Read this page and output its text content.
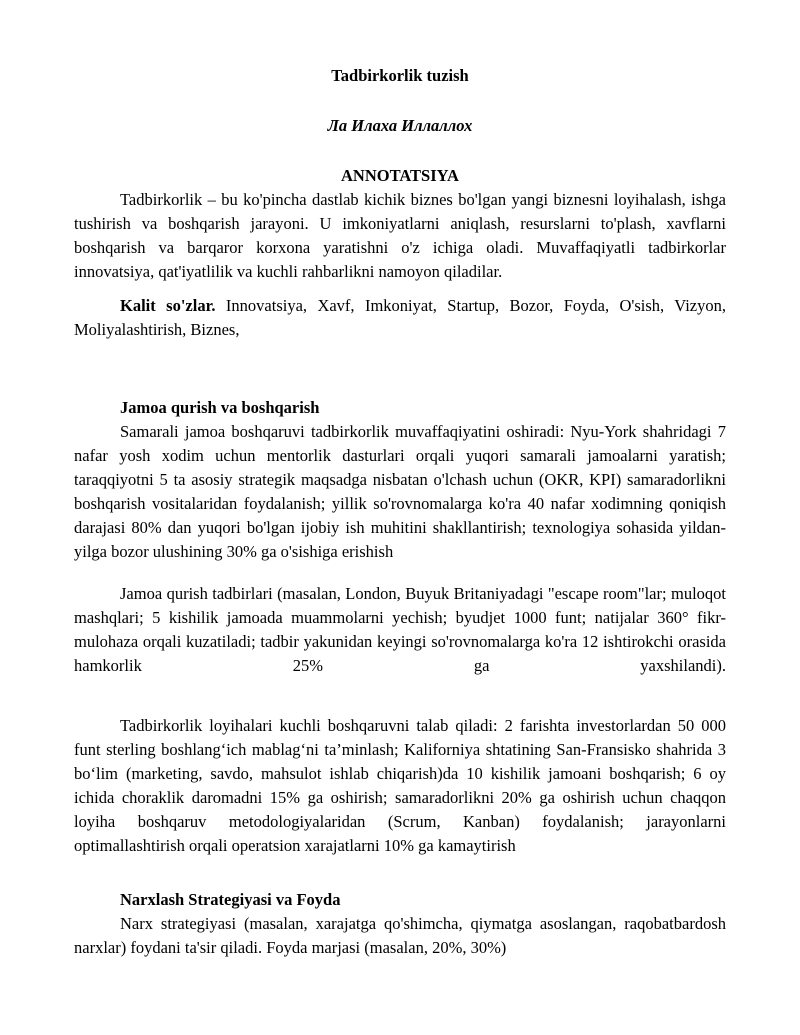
Tadbirkorlik tuzish
Ла Илаха Иллаллох
ANNOTATSIYA

Tadbirkorlik – bu ko'pincha dastlab kichik biznes bo'lgan yangi biznesni loyihalash, ishga tushirish va boshqarish jarayoni. U imkoniyatlarni aniqlash, resurslarni to'plash, xavflarni boshqarish va barqaror korxona yaratishni o'z ichiga oladi. Muvaffaqiyatli tadbirkorlar innovatsiya, qat'iyatlilik va kuchli rahbarlikni namoyon qiladilar.

Kalit so'zlar. Innovatsiya, Xavf, Imkoniyat, Startup, Bozor, Foyda, O'sish, Vizyon, Moliyalashtirish, Biznes,

Jamoa qurish va boshqarish

Samarali jamoa boshqaruvi tadbirkorlik muvaffaqiyatini oshiradi: Nyu-York shahridagi 7 nafar yosh xodim uchun mentorlik dasturlari orqali yuqori samarali jamoalarni yaratish; taraqqiyotni 5 ta asosiy strategik maqsadga nisbatan o'lchash uchun (OKR, KPI) samaradorlikni boshqarish vositalaridan foydalanish; yillik so'rovnomalarga ko'ra 40 nafar xodimning qoniqish darajasi 80% dan yuqori bo'lgan ijobiy ish muhitini shakllantirish; texnologiya sohasida yildan-yilga bozor ulushining 30% ga o'sishiga erishish

Jamoa qurish tadbirlari (masalan, London, Buyuk Britaniyadagi "escape room"lar; muloqot mashqlari; 5 kishilik jamoada muammolarni yechish; byudjet 1000 funt; natijalar 360° fikr-mulohaza orqali kuzatiladi; tadbir yakunidan keyingi so'rovnomalarga ko'ra 12 ishtirokchi orasida hamkorlik 25% ga yaxshilandi).

Tadbirkorlik loyihalari kuchli boshqaruvni talab qiladi: 2 farishta investorlardan 50 000 funt sterling boshlang‘ich mablag‘ni ta’minlash; Kaliforniya shtatining San-Fransisko shahrida 3 bo‘lim (marketing, savdo, mahsulot ishlab chiqarish)da 10 kishilik jamoani boshqarish; 6 oy ichida choraklik daromadni 15% ga oshirish; samaradorlikni 20% ga oshirish uchun chaqqon loyiha boshqaruv metodologiyalaridan (Scrum, Kanban) foydalanish; jarayonlarni optimallashtirish orqali operatsion xarajatlarni 10% ga kamaytirish

Narxlash Strategiyasi va Foyda

Narx strategiyasi (masalan, xarajatga qo'shimcha, qiymatga asoslangan, raqobatbardosh narxlar) foydani ta'sir qiladi. Foyda marjasi (masalan, 20%, 30%)
